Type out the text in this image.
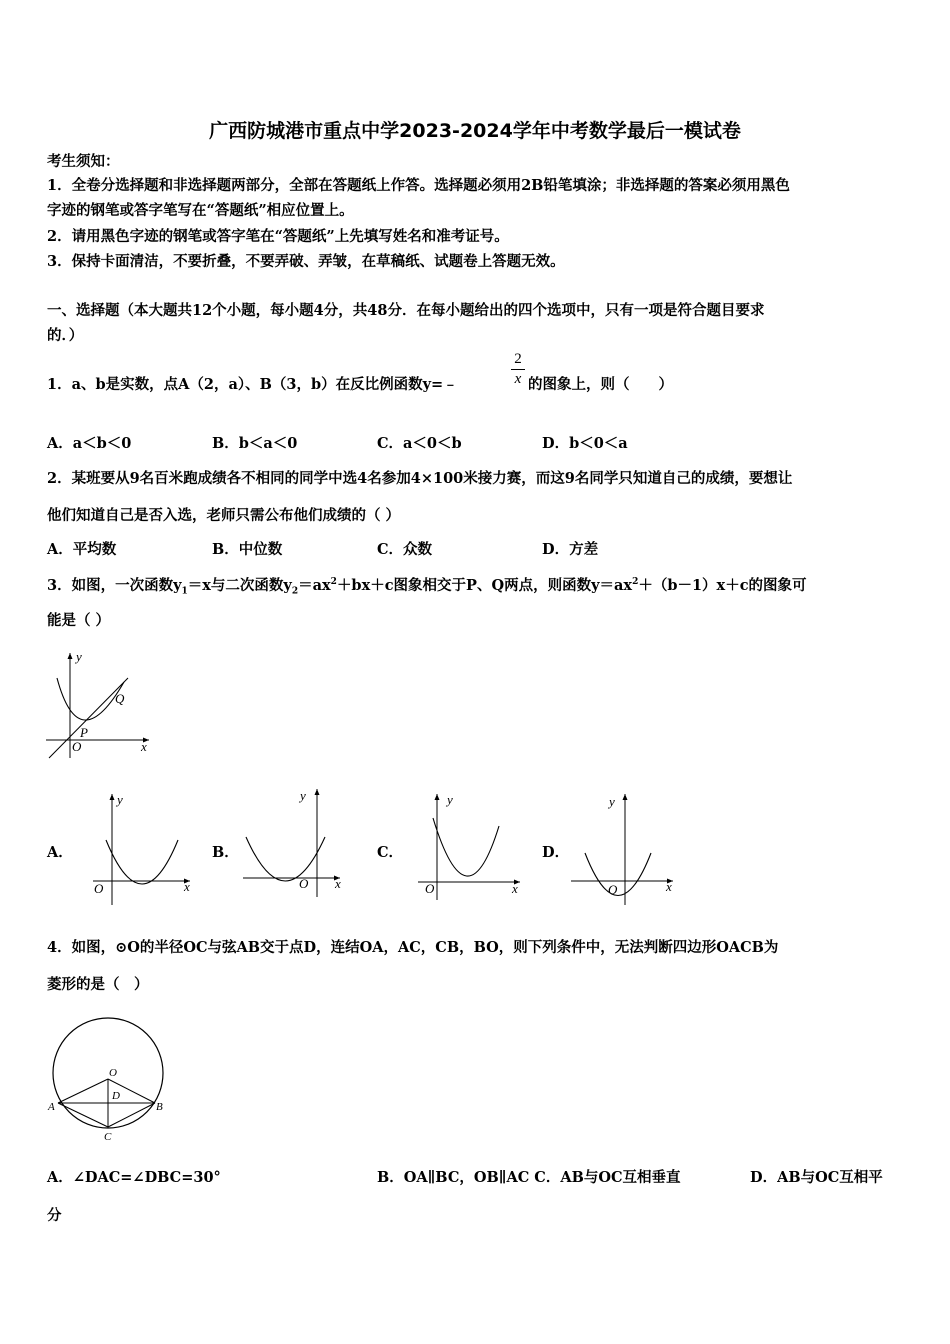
广西防城港市重点中学2023-2024学年中考数学最后一模试卷
考生须知：
1．全卷分选择题和非选择题两部分，全部在答题纸上作答。选择题必须用2B铅笔填涂；非选择题的答案必须用黑色
字迹的钢笔或答字笔写在“答题纸”相应位置上。
2．请用黑色字迹的钢笔或答字笔在“答题纸”上先填写姓名和准考证号。
3．保持卡面清洁，不要折叠，不要弄破、弄皱，在草稿纸、试题卷上答题无效。
一、选择题（本大题共12个小题，每小题4分，共48分．在每小题给出的四个选项中，只有一项是符合题目要求
的．）
1．a、b是实数，点A（2，a）、B（3，b）在反比例函数y=﹣	$\frac{2}{x}$ 的图象上，则（　　）
A．a＜b＜0	B．b＜a＜0	C．a＜0＜b	D．b＜0＜a
2．某班要从9名百米跑成绩各不相同的同学中选4名参加4×100米接力赛，而这9名同学只知道自己的成绩，要想让
他们知道自己是否入选，老师只需公布他们成绩的（ ）
A．平均数	B．中位数	C．众数	D．方差
3．如图，一次函数$y_1=x$与二次函数$y_2=ax^2+bx+c$图象相交于P、Q两点，则函数$y=ax^2+(b-1)x+c$的图象可
能是（ ）
y
x
O
P
Q
A．
y
x
O
B．
y
x
O
C．
y
x
O
D．
y
x
O
4．如图，⊙O的半径OC与弦AB交于点D，连结OA，AC，CB，BO，则下列条件中，无法判断四边形OACB为
菱形的是（　）
O
A	B
C
D
A．∠DAC=∠DBC=30°	B．OA∥BC，OB∥AC C．AB与OC互相垂直	D．AB与OC互相平
分
